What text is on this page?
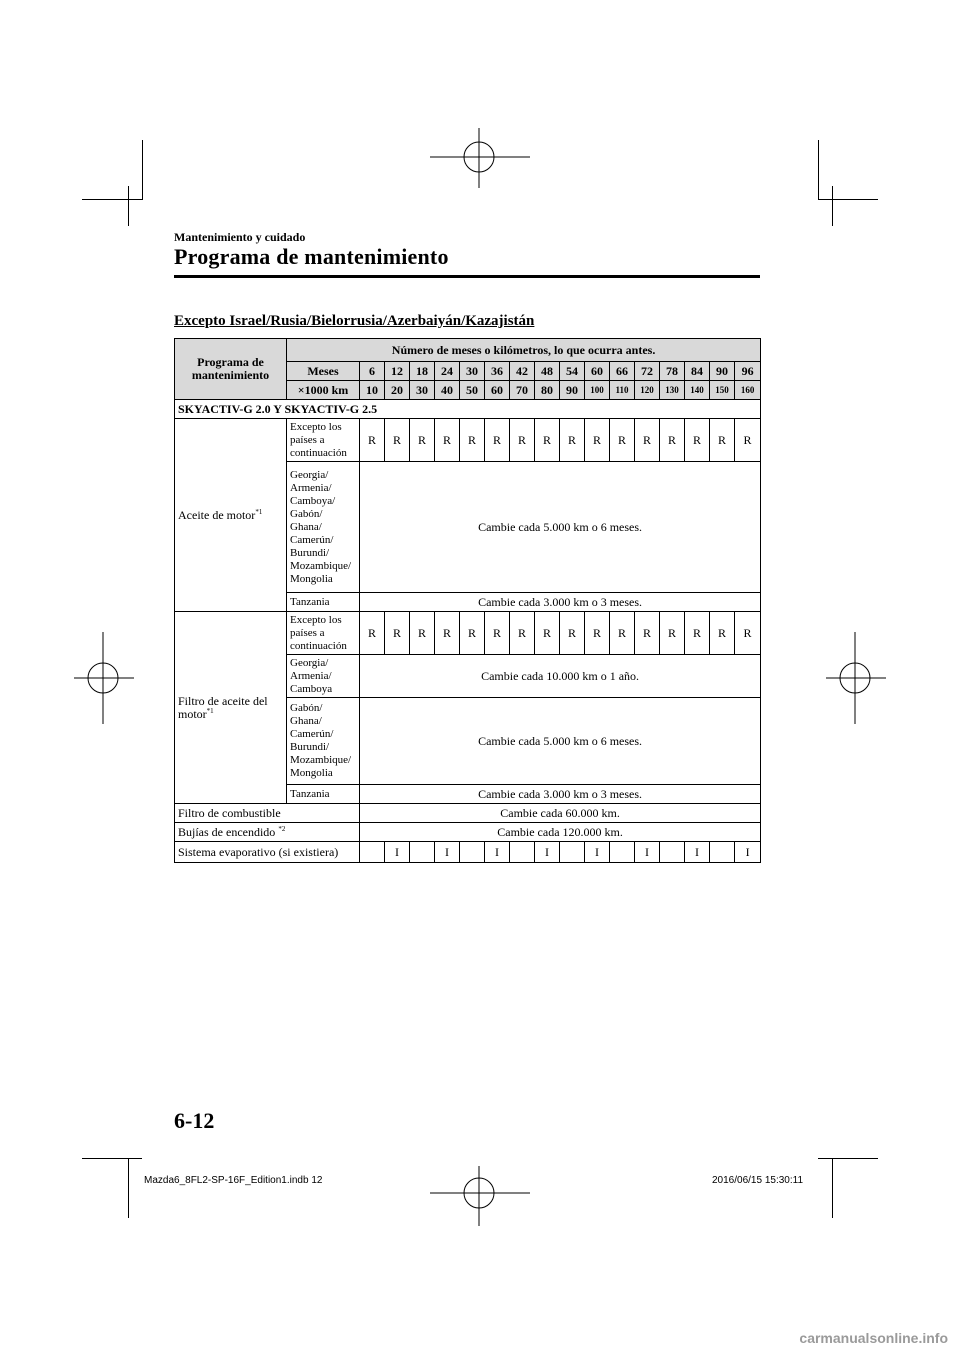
Mantenimiento y cuidado
Programa de mantenimiento
Excepto Israel/Rusia/Bielorrusia/Azerbaiyán/Kazajistán
Programa de mantenimiento	Número de meses o kilómetros, lo que ocurra antes.																
	Meses	6	12	18	24	30	36	42	48	54	60	66	72	78	84	90	96
	×1000 km	10	20	30	40	50	60	70	80	90	100	110	120	130	140	150	160
SKYACTIV-G 2.0 Y SKYACTIV-G 2.5																	
Aceite de motor$^{*1}$	Excepto los países a continuación	R	R	R	R	R	R	R	R	R	R	R	R	R	R	R	R
	Georgia/ Armenia/ Camboya/ Gabón/ Ghana/ Camerún/ Burundi/ Mozambique/ Mongolia	Cambie cada 5.000 km o 6 meses.															
	Tanzania	Cambie cada 3.000 km o 3 meses.															
Filtro de aceite del motor$^{*1}$	Excepto los países a continuación	R	R	R	R	R	R	R	R	R	R	R	R	R	R	R	R
	Georgia/ Armenia/ Camboya	Cambie cada 10.000 km o 1 año.															
	Gabón/ Ghana/ Camerún/ Burundi/ Mozambique/ Mongolia	Cambie cada 5.000 km o 6 meses.															
	Tanzania	Cambie cada 3.000 km o 3 meses.															
Filtro de combustible		Cambie cada 60.000 km.															
Bujías de encendido $^{*2}$		Cambie cada 120.000 km.															
Sistema evaporativo (si existiera)			I		I		I		I		I		I		I		I
6-12
Mazda6_8FL2-SP-16F_Edition1.indb 12	2016/06/15 15:30:11
carmanualsonline.info
